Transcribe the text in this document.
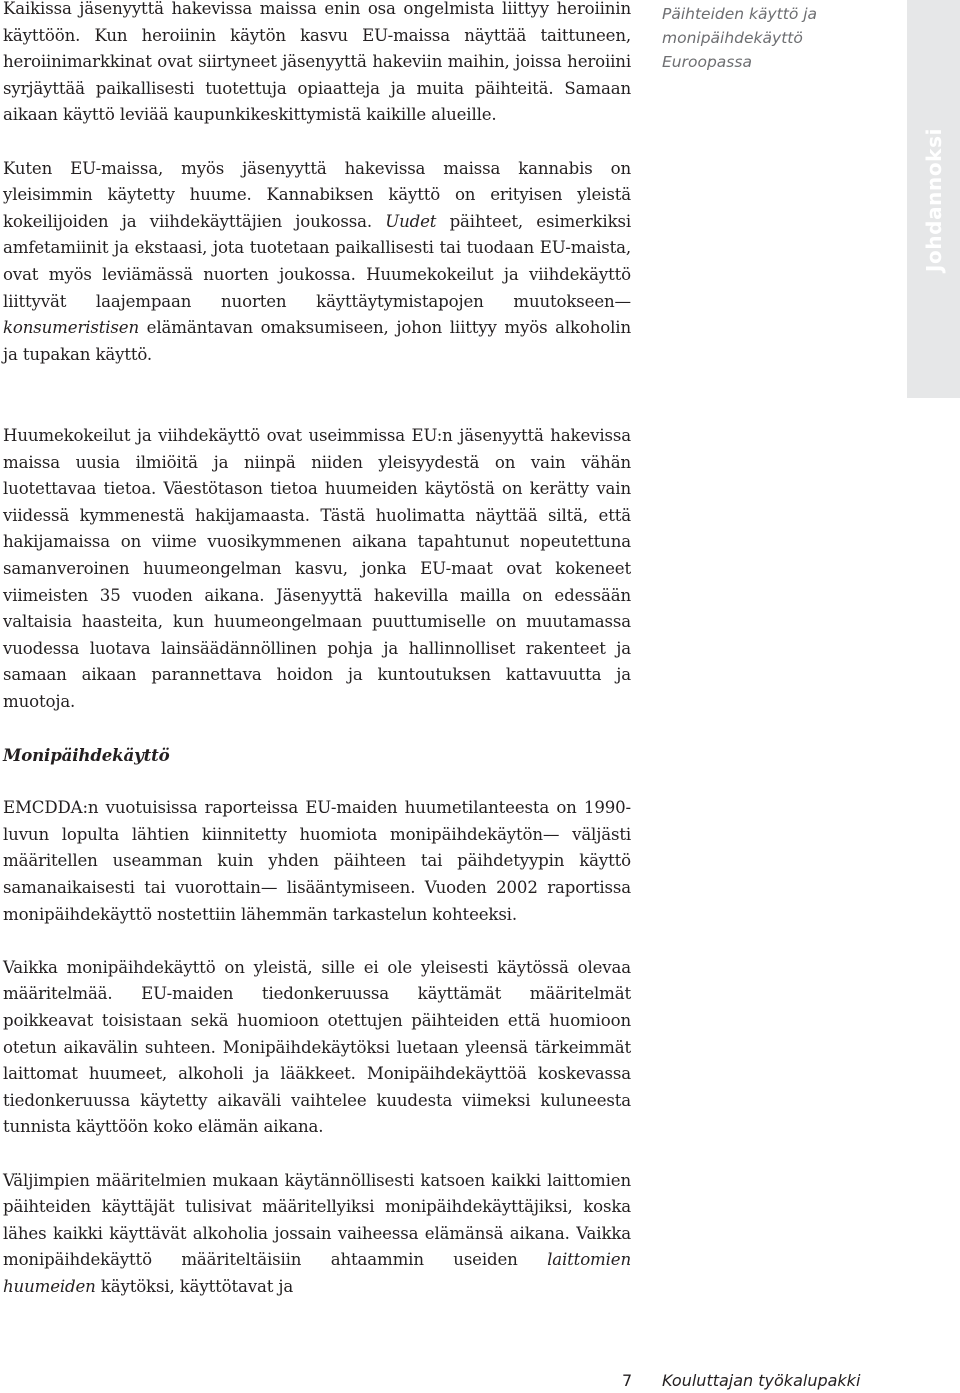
Kaikissa jäsenyyttä hakevissa maissa enin osa ongelmista liittyy heroiinin käyttöön. Kun heroiinin käytön kasvu EU-maissa näyttää taittuneen, heroiinimarkkinat ovat siirtyneet jäsenyyttä hakeviin maihin, joissa heroiini syrjäyttää paikallisesti tuotettuja opiaatteja ja muita päihteitä. Samaan aikaan käyttö leviää kaupunkikeskittymistä kaikille alueille.

Kuten EU-maissa, myös jäsenyyttä hakevissa maissa kannabis on yleisimmin käytetty huume. Kannabiksen käyttö on erityisen yleistä kokeilijoiden ja viihdekäyttäjien joukossa. Uudet päihteet, esimerkiksi amfetamiinit ja ekstaasi, jota tuotetaan paikallisesti tai tuodaan EU-maista, ovat myös leviämässä nuorten joukossa. Huumekokeilut ja viihdekäyttö liittyvät laajempaan nuorten käyttäytymistapojen muutokseen—konsumeristisen elämäntavan omaksumiseen, johon liittyy myös alkoholin ja tupakan käyttö.

Huumekokeilut ja viihdekäyttö ovat useimmissa EU:n jäsenyyttä hakevissa maissa uusia ilmiöitä ja niinpä niiden yleisyydestä on vain vähän luotettavaa tietoa. Väestötason tietoa huumeiden käytöstä on kerätty vain viidessä kymmenestä hakijamaasta. Tästä huolimatta näyttää siltä, että hakijamaissa on viime vuosikymmenen aikana tapahtunut nopeutettuna samanveroinen huumeongelman kasvu, jonka EU-maat ovat kokeneet viimeisten 35 vuoden aikana. Jäsenyyttä hakevilla mailla on edessään valtaisia haasteita, kun huumeongelmaan puuttumiselle on muutamassa vuodessa luotava lainsäädännöllinen pohja ja hallinnolliset rakenteet ja samaan aikaan parannettava hoidon ja kuntoutuksen kattavuutta ja muotoja.

Monipäihdekäyttö

EMCDDA:n vuotuisissa raporteissa EU-maiden huumetilanteesta on 1990-luvun lopulta lähtien kiinnitetty huomiota monipäihdekäytön— väljästi määritellen useamman kuin yhden päihteen tai päihdetyypin käyttö samanaikaisesti tai vuorottain— lisääntymiseen. Vuoden 2002 raportissa monipäihdekäyttö nostettiin lähemmän tarkastelun kohteeksi.

Vaikka monipäihdekäyttö on yleistä, sille ei ole yleisesti käytössä olevaa määritelmää. EU-maiden tiedonkeruussa käyttämät määritelmät poikkeavat toisistaan sekä huomioon otettujen päihteiden että huomioon otetun aikavälin suhteen. Monipäihdekäytöksi luetaan yleensä tärkeimmät laittomat huumeet, alkoholi ja lääkkeet. Monipäihdekäyttöä koskevassa tiedonkeruussa käytetty aikaväli vaihtelee kuudesta viimeksi kuluneesta tunnista käyttöön koko elämän aikana.

Väljimpien määritelmien mukaan käytännöllisesti katsoen kaikki laittomien päihteiden käyttäjät tulisivat määritellyiksi monipäihdekäyttäjiksi, koska lähes kaikki käyttävät alkoholia jossain vaiheessa elämänsä aikana. Vaikka monipäihdekäyttö määriteltäisiin ahtaammin useiden laittomien huumeiden käytöksi, käyttötavat ja

Päihteiden käyttö ja
monipäihdekäyttö
Euroopassa
Johdannoksi
7 Kouluttajan työkalupakki
